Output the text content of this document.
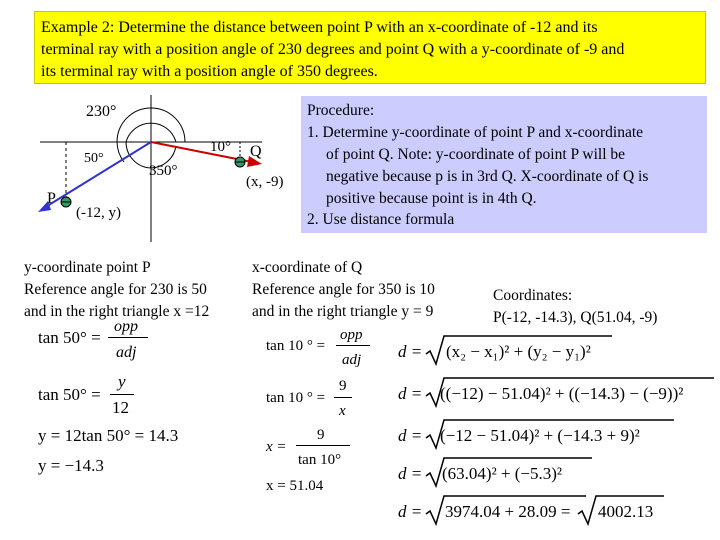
Example 2: Determine the distance between point P with an x-coordinate of -12 and its
terminal ray with a position angle of 230 degrees and point Q with a y-coordinate of -9 and
its terminal ray with a position angle of 350 degrees.
230°
50°
350°
10° Q
(x, -9)
P
(-12, y)
Procedure:
1. Determine y-coordinate of point P and x-coordinate
of point Q. Note: y-coordinate of point P will be
negative because p is in 3rd Q. X-coordinate of Q is
positive because point is in 4th Q.
2. Use distance formula
y-coordinate point P
Reference angle for 230 is 50
and in the right triangle x =12
tan 50° =
opp
adj
tan 50° =
y
12
y = 12tan 50° = 14.3
y = −14.3
x-coordinate of Q
Reference angle for 350 is 10
and in the right triangle y = 9
tan 10 ° =
opp
adj
tan 10 ° =
9
x
x =
9
tan 10°
x = 51.04
Coordinates:
P(-12, -14.3), Q(51.04, -9)
d = (x₂ − x₁)² + (y₂ − y₁)²
d = ((−12) − 51.04)² + ((−14.3) − (−9))²
d = (−12 − 51.04)² + (−14.3 + 9)²
d = (63.04)² + (−5.3)²
d = 3974.04 + 28.09 = 4002.13
